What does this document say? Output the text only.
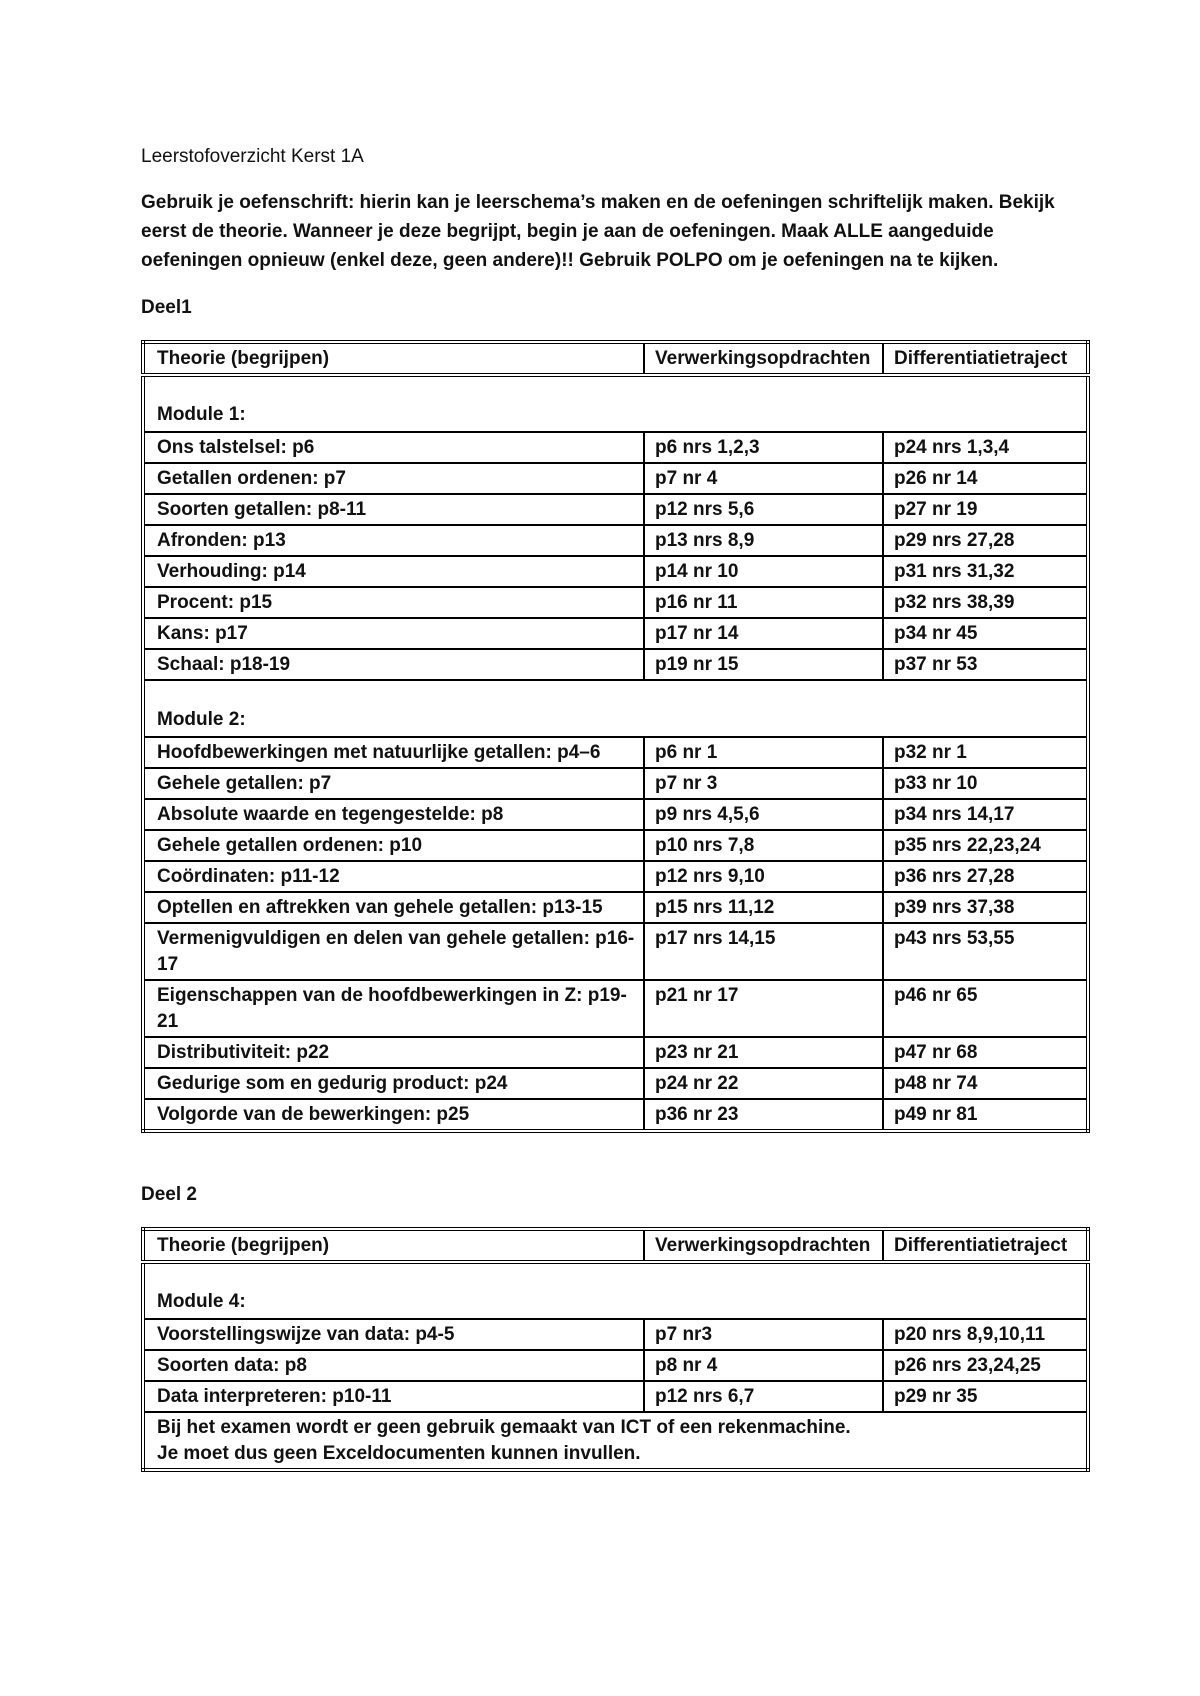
Leerstofoverzicht Kerst 1A

Gebruik je oefenschrift: hierin kan je leerschema’s maken en de oefeningen schriftelijk maken. Bekijk eerst de theorie. Wanneer je deze begrijpt, begin je aan de oefeningen. Maak ALLE aangeduide oefeningen opnieuw (enkel deze, geen andere)!! Gebruik POLPO om je oefeningen na te kijken.

Deel1
Theorie (begrijpen)	Verwerkingsopdrachten	Differentiatietraject
Module 1:		
Ons talstelsel: p6	p6 nrs 1,2,3	p24 nrs 1,3,4
Getallen ordenen: p7	p7 nr 4	p26 nr 14
Soorten getallen: p8-11	p12 nrs 5,6	p27 nr 19
Afronden: p13	p13 nrs 8,9	p29 nrs 27,28
Verhouding: p14	p14 nr 10	p31 nrs 31,32
Procent: p15	p16 nr 11	p32 nrs 38,39
Kans: p17	p17 nr 14	p34 nr 45
Schaal: p18-19	p19 nr 15	p37 nr 53
Module 2:		
Hoofdbewerkingen met natuurlijke getallen: p4–6	p6 nr 1	p32 nr 1
Gehele getallen: p7	p7 nr 3	p33 nr 10
Absolute waarde en tegengestelde: p8	p9 nrs 4,5,6	p34 nrs 14,17
Gehele getallen ordenen: p10	p10 nrs 7,8	p35 nrs 22,23,24
Coördinaten: p11-12	p12 nrs 9,10	p36 nrs 27,28
Optellen en aftrekken van gehele getallen: p13-15	p15 nrs 11,12	p39 nrs 37,38
Vermenigvuldigen en delen van gehele getallen: p16-17	p17 nrs 14,15	p43 nrs 53,55
Eigenschappen van de hoofdbewerkingen in Z: p19-21	p21 nr 17	p46 nr 65
Distributiviteit: p22	p23 nr 21	p47 nr 68
Gedurige som en gedurig product: p24	p24 nr 22	p48 nr 74
Volgorde van de bewerkingen: p25	p36 nr 23	p49 nr 81
Deel 2
Theorie (begrijpen)	Verwerkingsopdrachten	Differentiatietraject
Module 4:		
Voorstellingswijze van data: p4-5	p7 nr3	p20 nrs 8,9,10,11
Soorten data: p8	p8 nr 4	p26 nrs 23,24,25
Data interpreteren: p10-11	p12 nrs 6,7	p29 nr 35

Bij het examen wordt er geen gebruik gemaakt van ICT of een rekenmachine.
Je moet dus geen Exceldocumenten kunnen invullen.		
